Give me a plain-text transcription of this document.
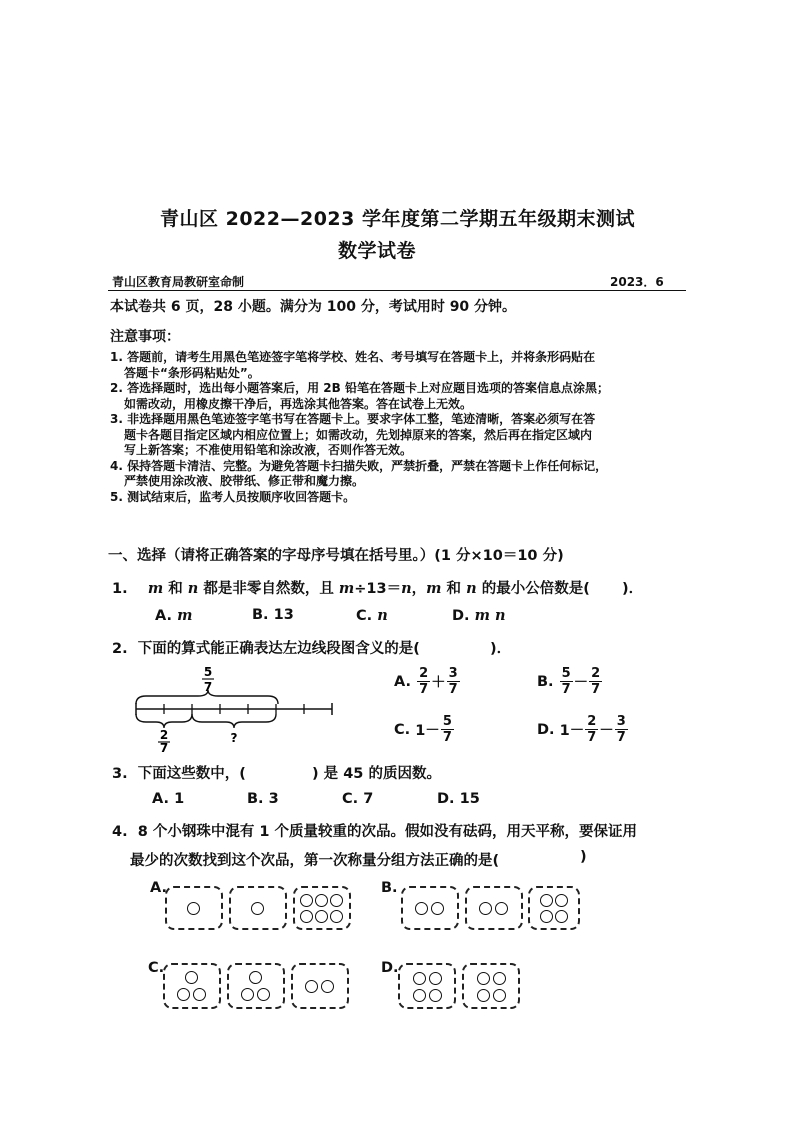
青山区 2022—2023 学年度第二学期五年级期末测试
数学试卷
青山区教育局教研室命制	2023．6
本试卷共 6 页，28 小题。满分为 100 分，考试用时 90 分钟。
注意事项：
1. 答题前，请考生用黑色笔迹签字笔将学校、姓名、考号填写在答题卡上，并将条形码贴在
答题卡“条形码粘贴处”。
2. 答选择题时，选出每小题答案后，用 2B 铅笔在答题卡上对应题目选项的答案信息点涂黑；
如需改动，用橡皮擦干净后，再选涂其他答案。答在试卷上无效。
3. 非选择题用黑色笔迹签字笔书写在答题卡上。要求字体工整，笔迹清晰，答案必须写在答
题卡各题目指定区域内相应位置上；如需改动，先划掉原来的答案，然后再在指定区域内
写上新答案；不准使用铅笔和涂改液，否则作答无效。
4. 保持答题卡清洁、完整。为避免答题卡扫描失败，严禁折叠，严禁在答题卡上作任何标记，
严禁使用涂改液、胶带纸、修正带和魔力擦。
5. 测试结束后，监考人员按顺序收回答题卡。
一、选择（请将正确答案的字母序号填在括号里。）(1 分×10＝10 分)
1. m 和 n 都是非零自然数，且 m÷13＝n，m 和 n 的最小公倍数是( )．
A. m	B. 13	C. n	D. m n
2. 下面的算式能正确表达左边线段图含义的是(	)．
5
7
2
7
?
A.
$\frac{2}{7} + \frac{3}{7}$	B.
$\frac{5}{7} - \frac{2}{7}$
C.
$1- \frac{5}{7}$	D.
$1- \frac{2}{7} - \frac{3}{7}$
3. 下面这些数中，(	) 是 45 的质因数。
A. 1	B. 3	C. 7	D. 15
4. 8 个小钢珠中混有 1 个质量较重的次品。假如没有砝码，用天平称，要保证用
最少的次数找到这个次品，第一次称量分组方法正确的是(	)
A.	B.
C.	D.
